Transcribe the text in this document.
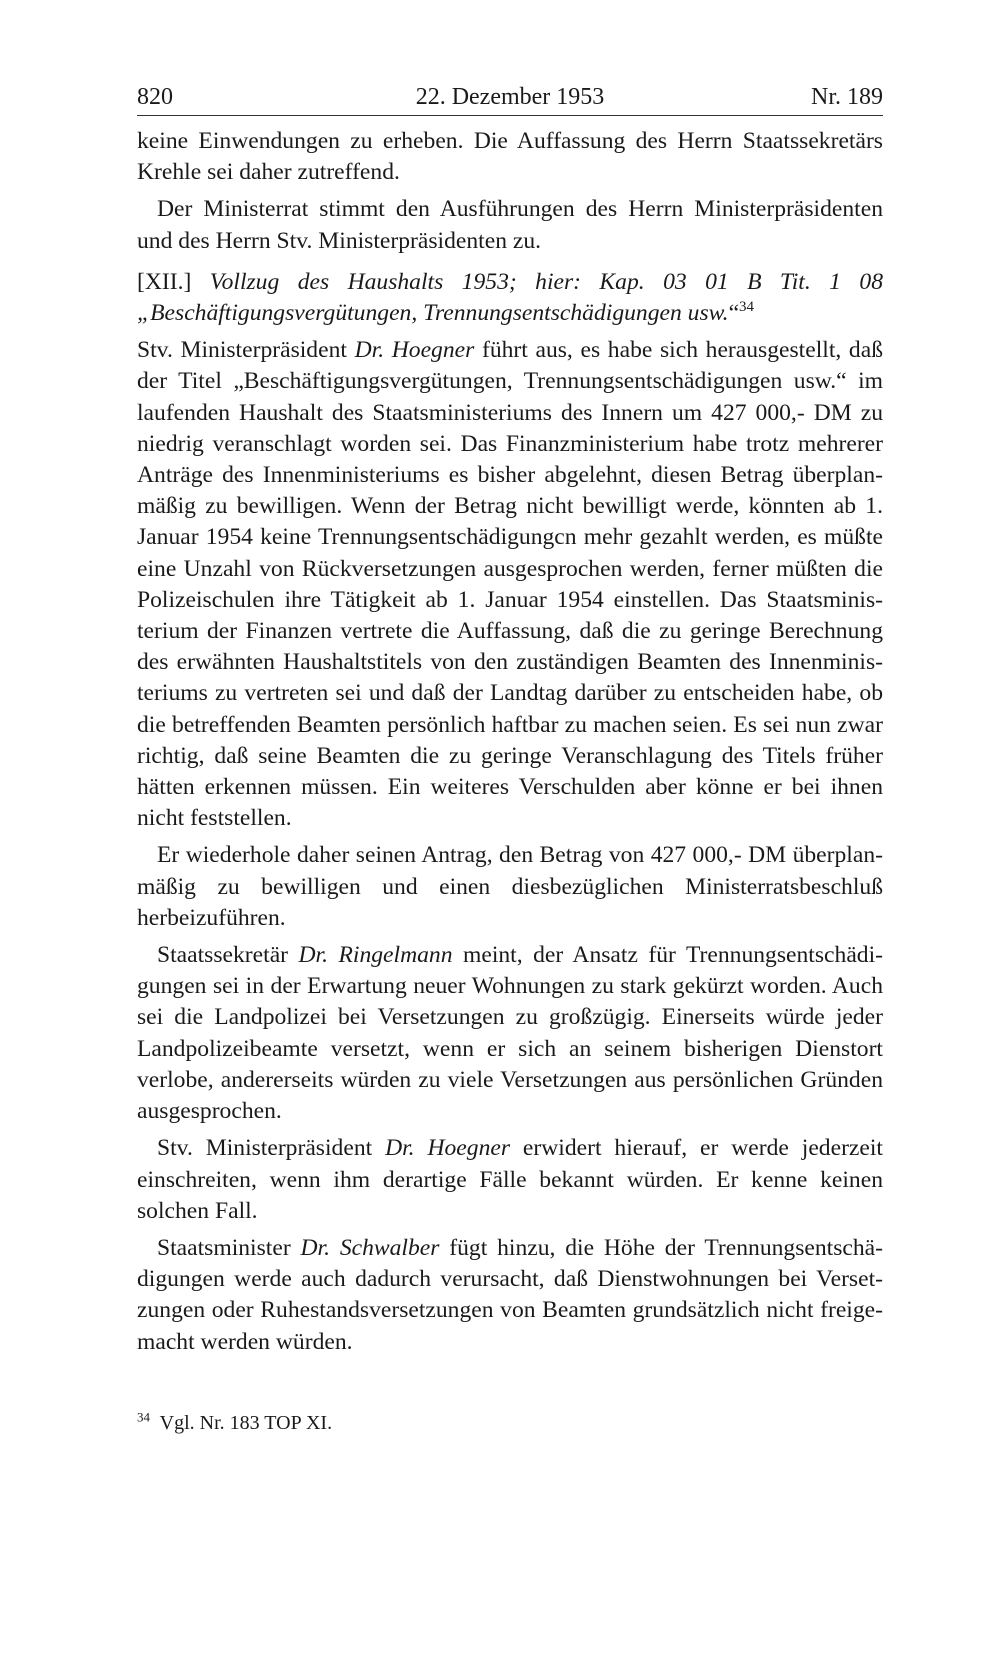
820	22. Dezember 1953	Nr. 189

keine Einwendungen zu erheben. Die Auffassung des Herrn Staatssekretärs Krehle sei daher zutreffend.

Der Ministerrat stimmt den Ausführungen des Herrn Ministerpräsidenten und des Herrn Stv. Ministerpräsidenten zu.

[XII.] Vollzug des Haushalts 1953; hier: Kap. 03 01 B Tit. 1 08 „Beschäftigungsvergütungen, Trennungsentschädigungen usw.“$^{34}$

Stv. Ministerpräsident Dr. Hoegner führt aus, es habe sich herausgestellt, daß der Titel „Beschäftigungsvergütungen, Trennungsentschädigungen usw.“ im laufenden Haushalt des Staatsministeriums des Innern um 427 000,- DM zu niedrig veranschlagt worden sei. Das Finanzministerium habe trotz mehrerer Anträge des Innenministeriums es bisher abgelehnt, diesen Betrag überplanmäßig zu bewilligen. Wenn der Betrag nicht bewilligt werde, könnten ab 1. Januar 1954 keine Trennungsentschädigungcn mehr gezahlt werden, es müßte eine Unzahl von Rückversetzungen ausgesprochen werden, ferner müßten die Polizeischulen ihre Tätigkeit ab 1. Januar 1954 einstellen. Das Staatsministerium der Finanzen vertrete die Auffassung, daß die zu geringe Berechnung des erwähnten Haushaltstitels von den zuständigen Beamten des Innenministeriums zu vertreten sei und daß der Landtag darüber zu entscheiden habe, ob die betreffenden Beamten persönlich haftbar zu machen seien. Es sei nun zwar richtig, daß seine Beamten die zu geringe Veranschlagung des Titels früher hätten erkennen müssen. Ein weiteres Verschulden aber könne er bei ihnen nicht feststellen.

Er wiederhole daher seinen Antrag, den Betrag von 427 000,- DM überplanmäßig zu bewilligen und einen diesbezüglichen Ministerratsbeschluß herbeizuführen.

Staatssekretär Dr. Ringelmann meint, der Ansatz für Trennungsentschädigungen sei in der Erwartung neuer Wohnungen zu stark gekürzt worden. Auch sei die Landpolizei bei Versetzungen zu großzügig. Einerseits würde jeder Landpolizeibeamte versetzt, wenn er sich an seinem bisherigen Dienstort verlobe, andererseits würden zu viele Versetzungen aus persönlichen Gründen ausgesprochen.

Stv. Ministerpräsident Dr. Hoegner erwidert hierauf, er werde jederzeit einschreiten, wenn ihm derartige Fälle bekannt würden. Er kenne keinen solchen Fall.

Staatsminister Dr. Schwalber fügt hinzu, die Höhe der Trennungsentschädigungen werde auch dadurch verursacht, daß Dienstwohnungen bei Versetzungen oder Ruhestandsversetzungen von Beamten grundsätzlich nicht freigemacht werden würden.

$^{34}$ Vgl. Nr. 183 TOP XI.
